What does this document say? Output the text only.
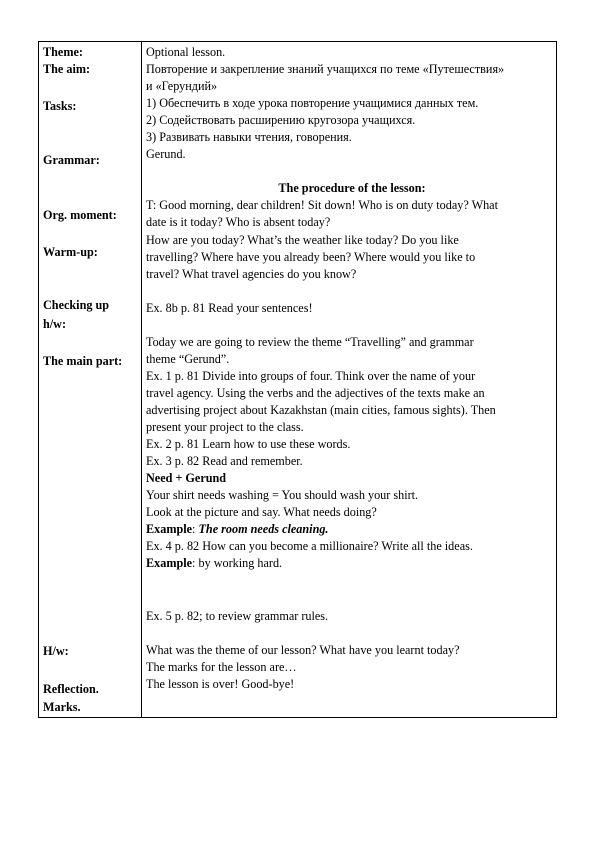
Theme:

The aim:

Tasks:

Grammar:

Org. moment:

Warm-up:

Checking up

h/w:

The main part:

H/w:

Reflection.

Marks.

Optional lesson.
Повторение и закрепление знаний учащихся по теме «Путешествия»
и «Герундий»
1) Обеспечить в ходе урока повторение учащимися данных тем.
2) Содействовать расширению кругозора учащихся.
3) Развивать навыки чтения, говорения.
Gerund.
The procedure of the lesson:
T: Good morning, dear children! Sit down! Who is on duty today? What
date is it today? Who is absent today?
How are you today? What’s the weather like today? Do you like
travelling? Where have you already been? Where would you like to
travel? What travel agencies do you know?
Ex. 8b p. 81 Read your sentences!
Today we are going to review the theme “Travelling” and grammar
theme “Gerund”.
Ex. 1 p. 81 Divide into groups of four. Think over the name of your
travel agency. Using the verbs and the adjectives of the texts make an
advertising project about Kazakhstan (main cities, famous sights). Then
present your project to the class.
Ex. 2 p. 81 Learn how to use these words.
Ex. 3 p. 82 Read and remember.
Need + Gerund
Your shirt needs washing = You should wash your shirt.
Look at the picture and say. What needs doing?
Example: The room needs cleaning.
Ex. 4 p. 82 How can you become a millionaire? Write all the ideas.
Example: by working hard.
Ex. 5 p. 82; to review grammar rules.
What was the theme of our lesson? What have you learnt today?
The marks for the lesson are…
The lesson is over! Good-bye!
